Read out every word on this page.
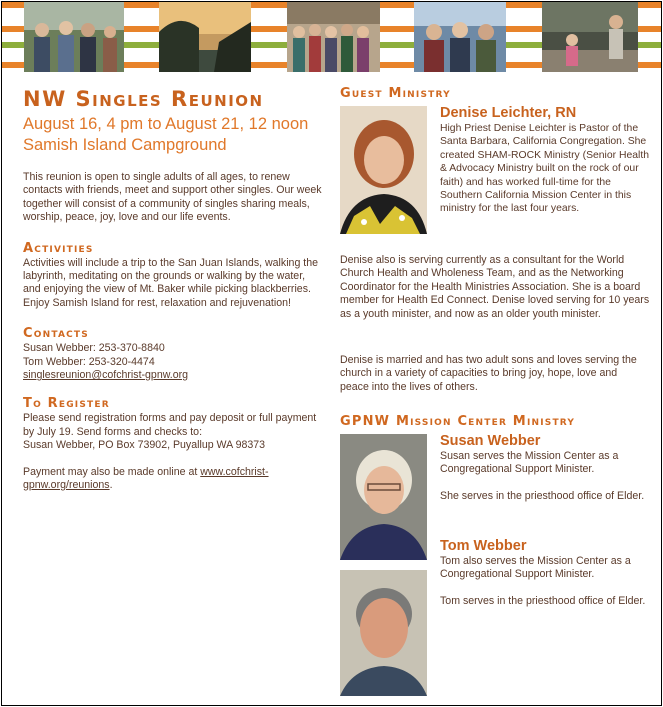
NW Singles Reunion

August 16, 4 pm to August 21, 12 noon

Samish Island Campground

This reunion is open to single adults of all ages, to renew contacts with friends, meet and support other singles. Our week together will consist of a community of singles sharing meals, worship, peace, joy, love and our life events.

Activities

Activities will include a trip to the San Juan Islands, walking the labyrinth, meditating on the grounds or walking by the water, and enjoying the view of Mt. Baker while picking blackberries. Enjoy Samish Island for rest, relaxation and rejuvenation!

Contacts

Susan Webber: 253-370-8840

Tom Webber: 253-320-4474

singlesreunion@cofchrist-gpnw.org

To Register

Please send registration forms and pay deposit or full payment by July 19. Send forms and checks to:

Susan Webber, PO Box 73902, Puyallup WA 98373

Payment may also be made online at www.cofchrist-gpnw.org/reunions.

Guest Ministry

Denise Leichter, RN

High Priest Denise Leichter is Pastor of the Santa Barbara, California Congregation. She created SHAM-ROCK Ministry (Senior Health & Advocacy Ministry built on the rock of our faith) and has worked full-time for the Southern California Mission Center in this ministry for the last four years.

Denise also is serving currently as a consultant for the World Church Health and Wholeness Team, and as the Networking Coordinator for the Health Ministries Association. She is a board member for Health Ed Connect. Denise loved serving for 10 years as a youth minister, and now as an older youth minister.

Denise is married and has two adult sons and loves serving the church in a variety of capacities to bring joy, hope, love and peace into the lives of others.

GPNW Mission Center Ministry

Susan Webber

Susan serves the Mission Center as a Congregational Support Minister.

She serves in the priesthood office of Elder.

Tom Webber

Tom also serves the Mission Center as a Congregational Support Minister.

Tom serves in the priesthood office of Elder.
